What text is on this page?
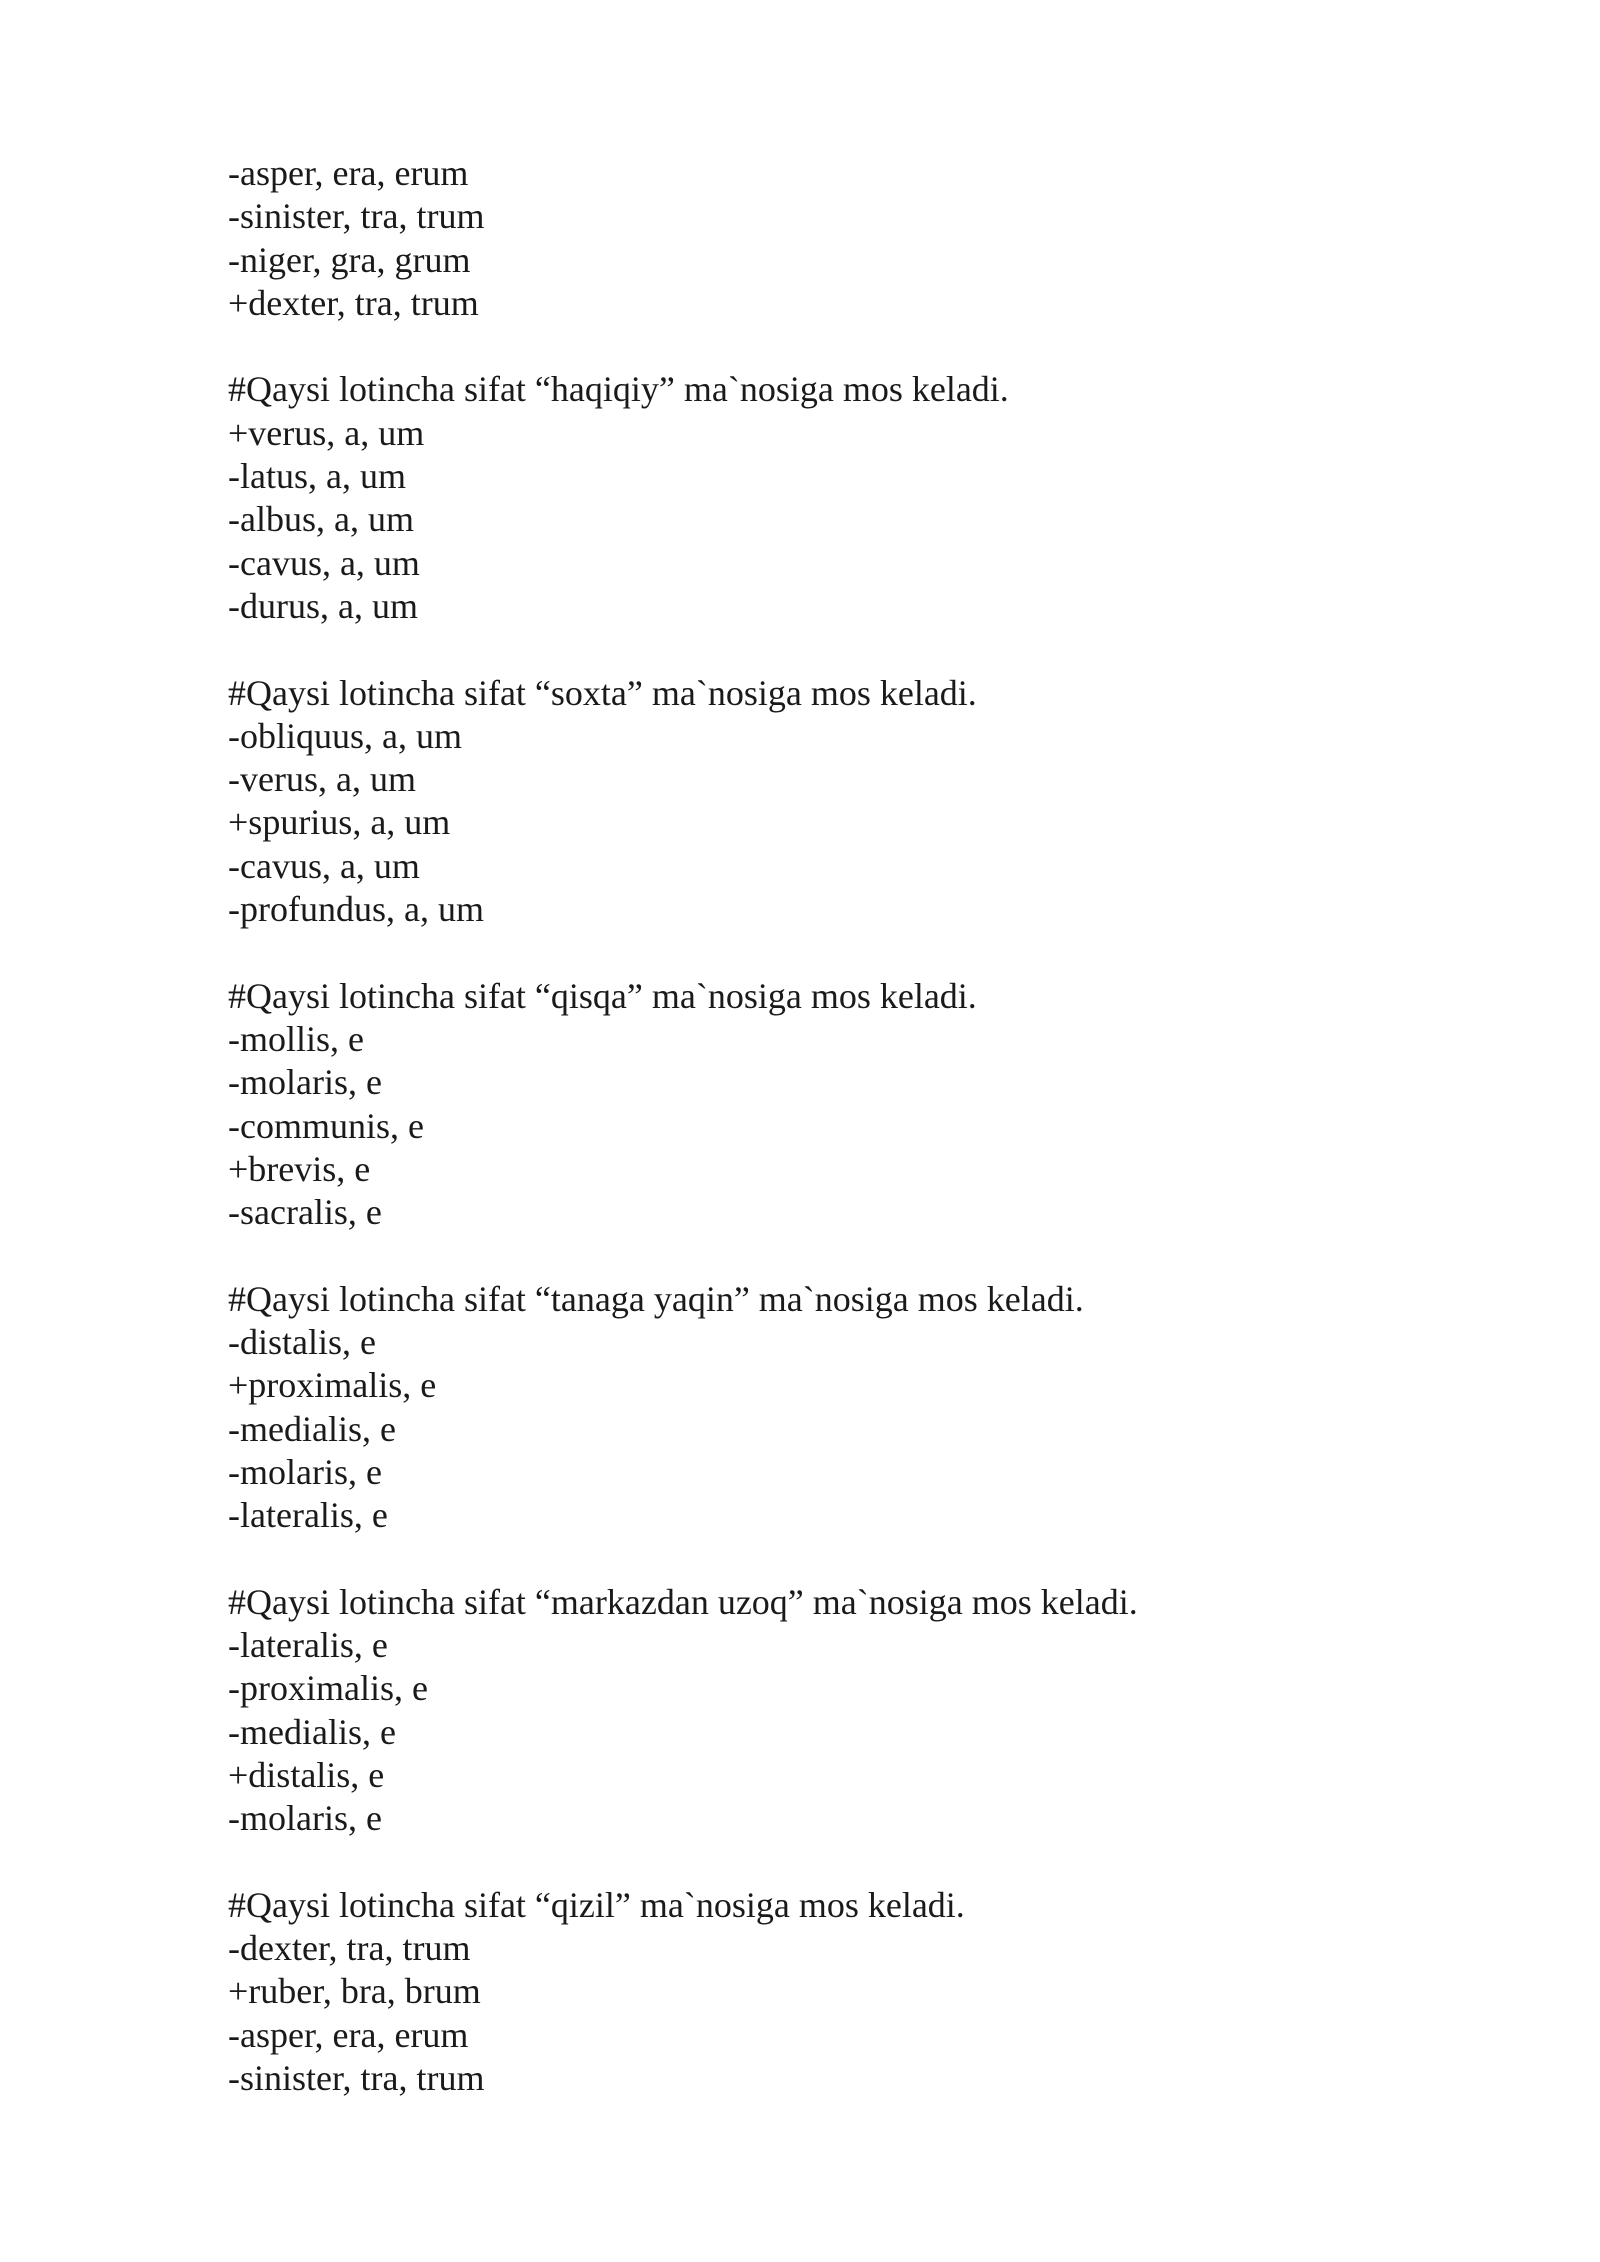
-asper, era, erum
-sinister, tra, trum
-niger, gra, grum
+dexter, tra, trum
#Qaysi lotincha sifat “haqiqiy” ma`nosiga mos keladi.
+verus, a, um
-latus, a, um
-albus, a, um
-cavus, a, um
-durus, a, um
#Qaysi lotincha sifat “soxta” ma`nosiga mos keladi.
-obliquus, a, um
-verus, a, um
+spurius, a, um
-cavus, a, um
-profundus, a, um
#Qaysi lotincha sifat “qisqa” ma`nosiga mos keladi.
-mollis, e
-molaris, e
-communis, e
+brevis, e
-sacralis, e
#Qaysi lotincha sifat “tanaga yaqin” ma`nosiga mos keladi.
-distalis, e
+proximalis, e
-medialis, e
-molaris, e
-lateralis, e
#Qaysi lotincha sifat “markazdan uzoq” ma`nosiga mos keladi.
-lateralis, e
-proximalis, e
-medialis, e
+distalis, e
-molaris, e
#Qaysi lotincha sifat “qizil” ma`nosiga mos keladi.
-dexter, tra, trum
+ruber, bra, brum
-asper, era, erum
-sinister, tra, trum
